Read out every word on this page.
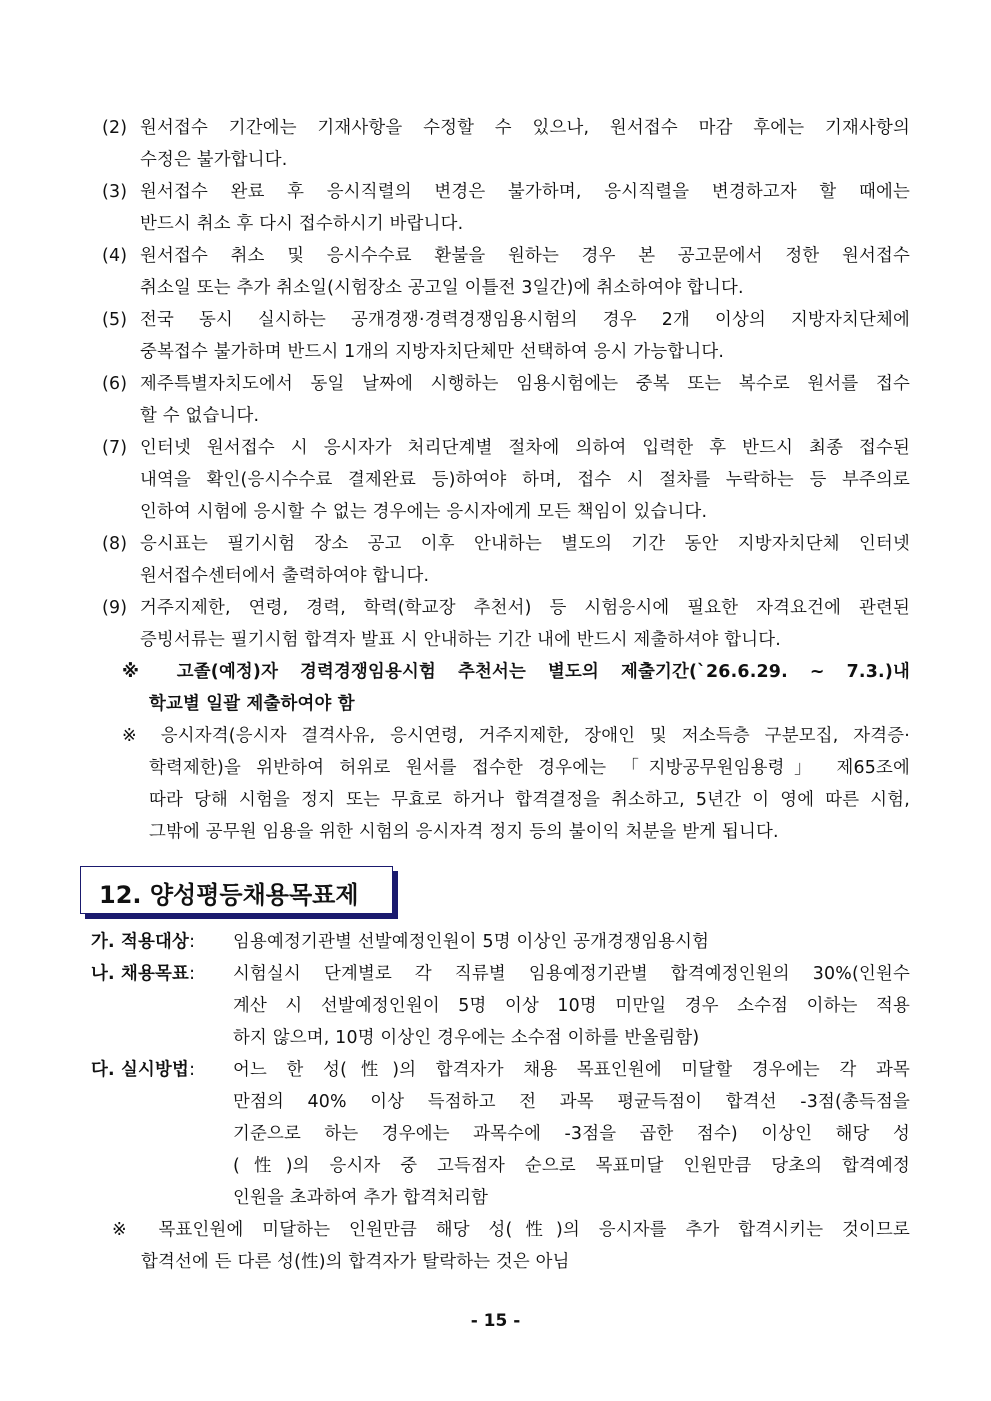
(2) 원서접수 기간에는 기재사항을 수정할 수 있으나, 원서접수 마감 후에는 기재사항의
수정은 불가합니다.
(3) 원서접수 완료 후 응시직렬의 변경은 불가하며, 응시직렬을 변경하고자 할 때에는
반드시 취소 후 다시 접수하시기 바랍니다.
(4) 원서접수 취소 및 응시수수료 환불을 원하는 경우 본 공고문에서 정한 원서접수
취소일 또는 추가 취소일(시험장소 공고일 이틀전 3일간)에 취소하여야 합니다.
(5) 전국 동시 실시하는 공개경쟁·경력경쟁임용시험의 경우 2개 이상의 지방자치단체에
중복접수 불가하며 반드시 1개의 지방자치단체만 선택하여 응시 가능합니다.
(6) 제주특별자치도에서 동일 날짜에 시행하는 임용시험에는 중복 또는 복수로 원서를 접수
할 수 없습니다.
(7) 인터넷 원서접수 시 응시자가 처리단계별 절차에 의하여 입력한 후 반드시 최종 접수된
내역을 확인(응시수수료 결제완료 등)하여야 하며, 접수 시 절차를 누락하는 등 부주의로
인하여 시험에 응시할 수 없는 경우에는 응시자에게 모든 책임이 있습니다.
(8) 응시표는 필기시험 장소 공고 이후 안내하는 별도의 기간 동안 지방자치단체 인터넷
원서접수센터에서 출력하여야 합니다.
(9) 거주지제한, 연령, 경력, 학력(학교장 추천서) 등 시험응시에 필요한 자격요건에 관련된
증빙서류는 필기시험 합격자 발표 시 안내하는 기간 내에 반드시 제출하셔야 합니다.
※ 고졸(예정)자 경력경쟁임용시험 추천서는 별도의 제출기간(`26.6.29. ~ 7.3.)내
학교별 일괄 제출하여야 함
※ 응시자격(응시자 결격사유, 응시연령, 거주지제한, 장애인 및 저소득층 구분모집, 자격증·
학력제한)을 위반하여 허위로 원서를 접수한 경우에는 「지방공무원임용령」 제65조에
따라 당해 시험을 정지 또는 무효로 하거나 합격결정을 취소하고, 5년간 이 영에 따른 시험,
그밖에 공무원 임용을 위한 시험의 응시자격 정지 등의 불이익 처분을 받게 됩니다.
가. 적용대상: 임용예정기관별 선발예정인원이 5명 이상인 공개경쟁임용시험
나. 채용목표: 시험실시 단계별로 각 직류별 임용예정기관별 합격예정인원의 30%(인원수
계산 시 선발예정인원이 5명 이상 10명 미만일 경우 소수점 이하는 적용
하지 않으며, 10명 이상인 경우에는 소수점 이하를 반올림함)
다. 실시방법: 어느 한 성(性)의 합격자가 채용 목표인원에 미달할 경우에는 각 과목
만점의 40% 이상 득점하고 전 과목 평균득점이 합격선 -3점(총득점을
기준으로 하는 경우에는 과목수에 -3점을 곱한 점수) 이상인 해당 성
(性)의 응시자 중 고득점자 순으로 목표미달 인원만큼 당초의 합격예정
인원을 초과하여 추가 합격처리함
※ 목표인원에 미달하는 인원만큼 해당 성(性)의 응시자를 추가 합격시키는 것이므로
합격선에 든 다른 성(性)의 합격자가 탈락하는 것은 아님
12. 양성평등채용목표제
- 15 -
